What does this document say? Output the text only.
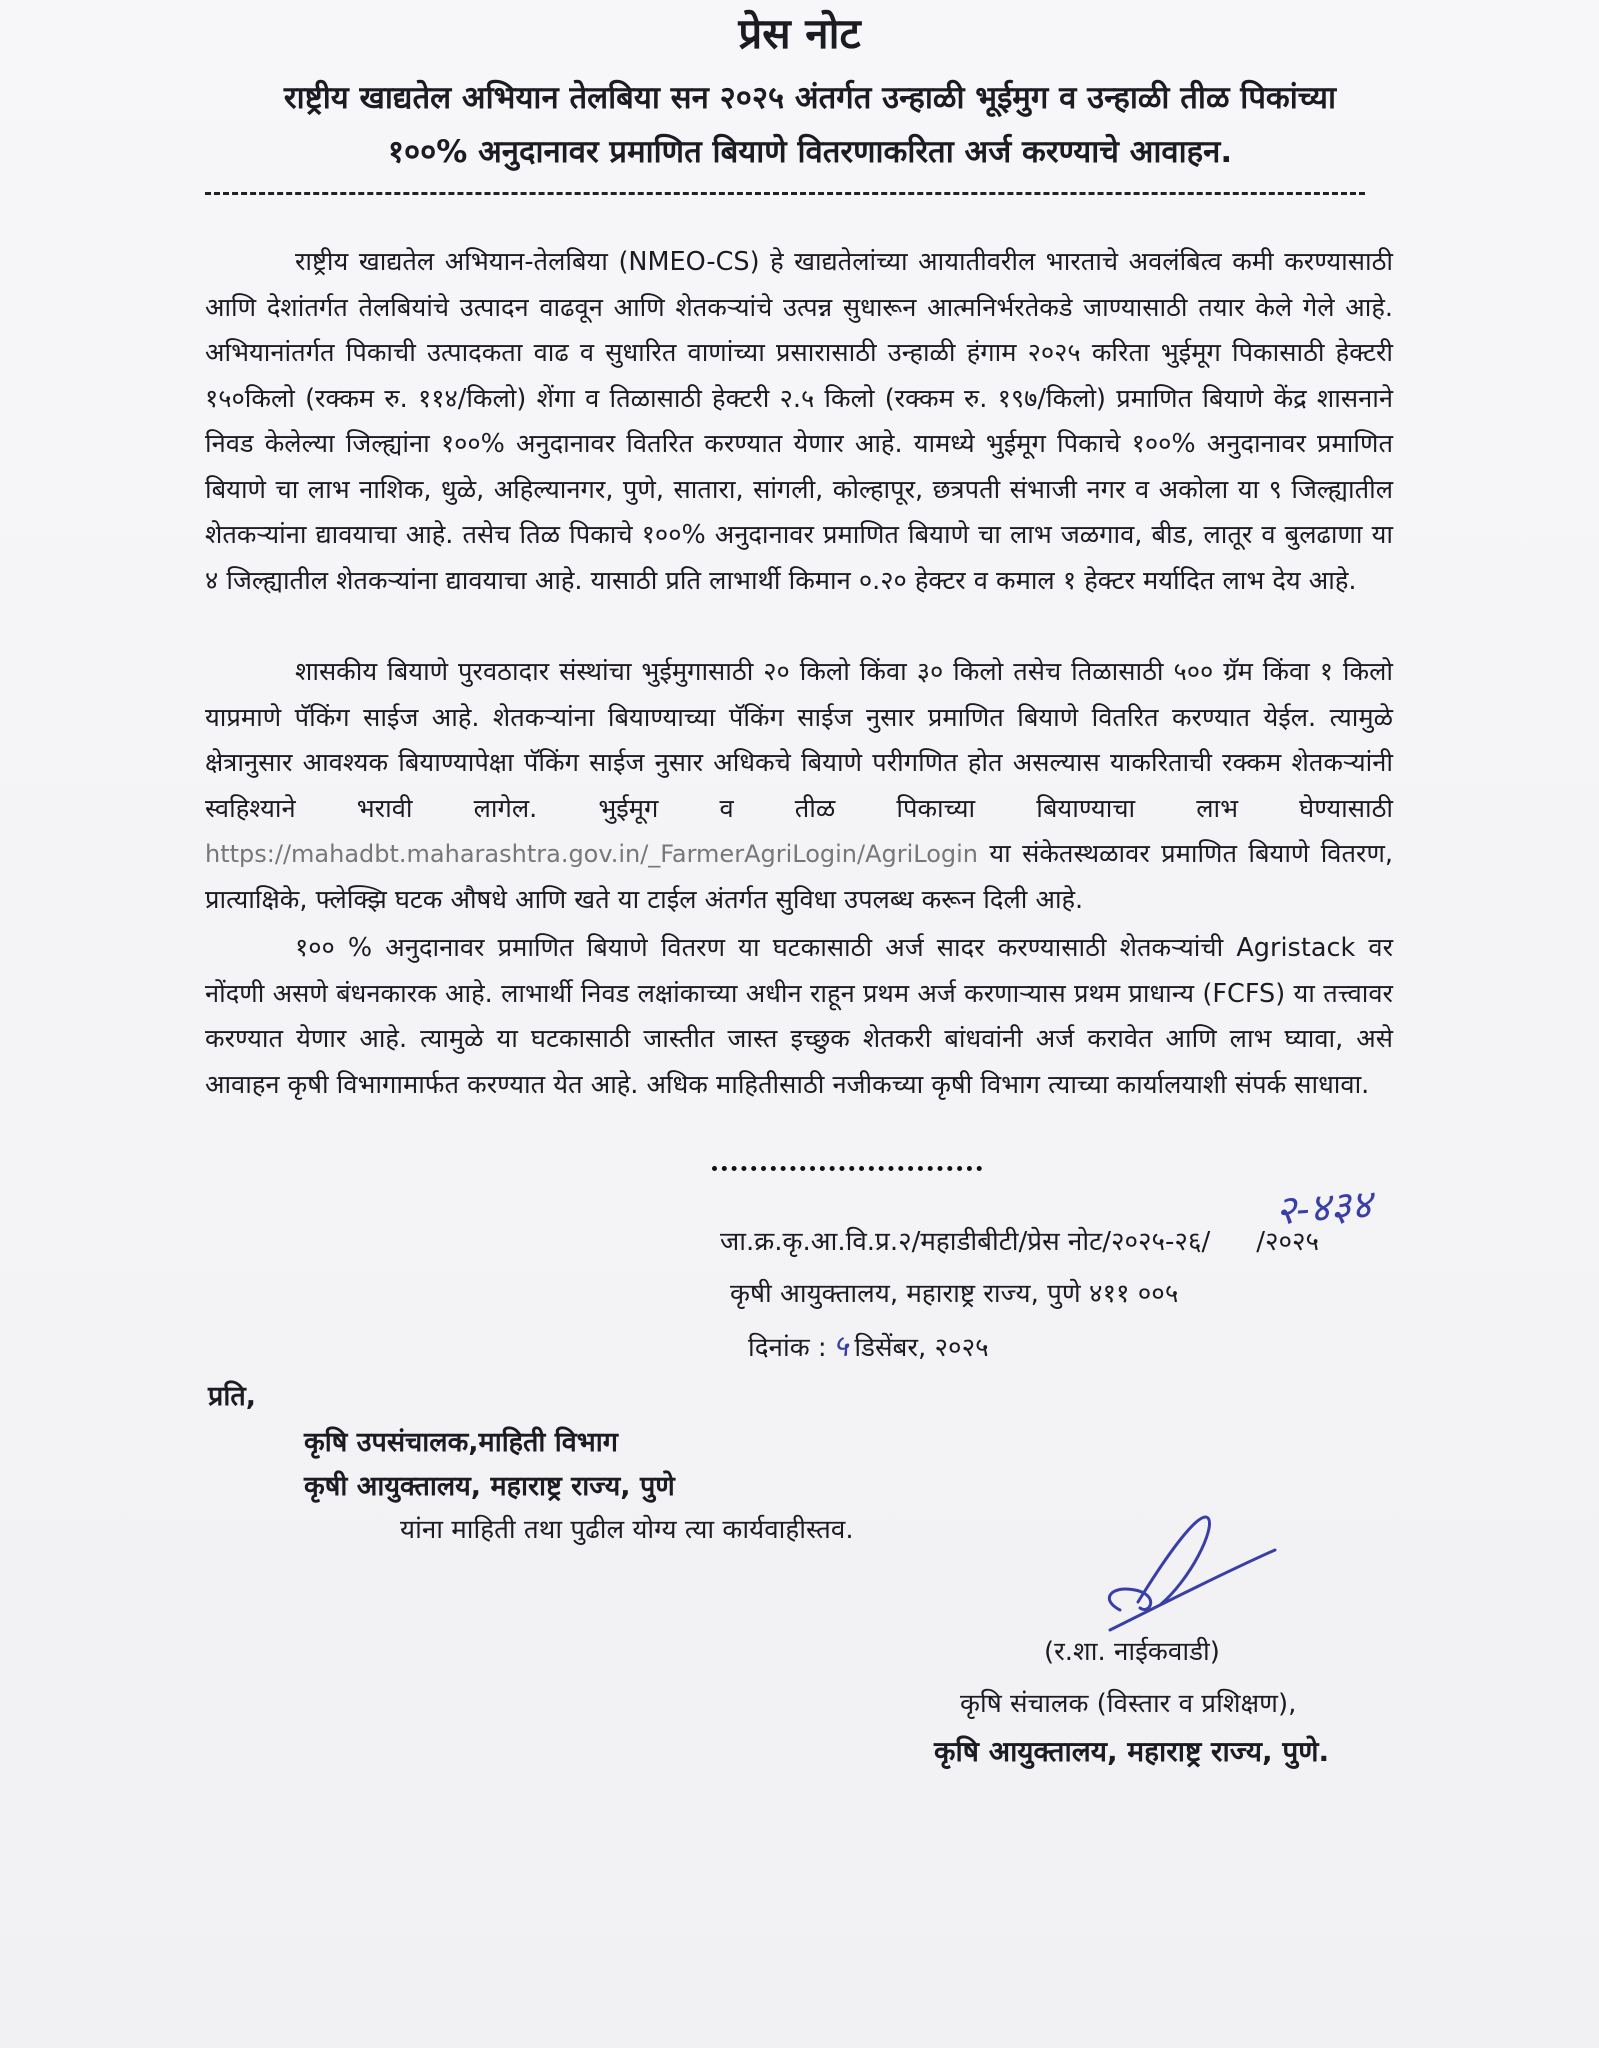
प्रेस नोट
राष्ट्रीय खाद्यतेल अभियान तेलबिया सन २०२५ अंतर्गत उन्हाळी भूईमुग व उन्हाळी तीळ पिकांच्या
१००% अनुदानावर प्रमाणित बियाणे वितरणाकरिता अर्ज करण्याचे आवाहन.

राष्ट्रीय खाद्यतेल अभियान-तेलबिया (NMEO-CS) हे खाद्यतेलांच्या आयातीवरील भारताचे अवलंबित्व कमी करण्यासाठी आणि देशांतर्गत तेलबियांचे उत्पादन वाढवून आणि शेतकऱ्यांचे उत्पन्न सुधारून आत्मनिर्भरतेकडे जाण्यासाठी तयार केले गेले आहे. अभियानांतर्गत पिकाची उत्पादकता वाढ व सुधारित वाणांच्या प्रसारासाठी उन्हाळी हंगाम २०२५ करिता भुईमूग पिकासाठी हेक्टरी १५०किलो (रक्कम रु. ११४/किलो) शेंगा व तिळासाठी हेक्टरी २.५ किलो (रक्कम रु. १९७/किलो) प्रमाणित बियाणे केंद्र शासनाने निवड केलेल्या जिल्ह्यांना १००% अनुदानावर वितरित करण्यात येणार आहे. यामध्ये भुईमूग पिकाचे १००% अनुदानावर प्रमाणित बियाणे चा लाभ नाशिक, धुळे, अहिल्यानगर, पुणे, सातारा, सांगली, कोल्हापूर, छत्रपती संभाजी नगर व अकोला या ९ जिल्ह्यातील शेतकऱ्यांना द्यावयाचा आहे. तसेच तिळ पिकाचे १००% अनुदानावर प्रमाणित बियाणे चा लाभ जळगाव, बीड, लातूर व बुलढाणा या ४ जिल्ह्यातील शेतकऱ्यांना द्यावयाचा आहे. यासाठी प्रति लाभार्थी किमान ०.२० हेक्टर व कमाल १ हेक्टर मर्यादित लाभ देय आहे.

शासकीय बियाणे पुरवठादार संस्थांचा भुईमुगासाठी २० किलो किंवा ३० किलो तसेच तिळासाठी ५०० ग्रॅम किंवा १ किलो याप्रमाणे पॅकिंग साईज आहे. शेतकऱ्यांना बियाण्याच्या पॅकिंग साईज नुसार प्रमाणित बियाणे वितरित करण्यात येईल. त्यामुळे क्षेत्रानुसार आवश्यक बियाण्यापेक्षा पॅकिंग साईज नुसार अधिकचे बियाणे परीगणित होत असल्यास याकरिताची रक्कम शेतकऱ्यांनी स्वहिश्याने भरावी लागेल. भुईमूग व तीळ पिकाच्या बियाण्याचा लाभ घेण्यासाठी https://mahadbt.maharashtra.gov.in/_FarmerAgriLogin/AgriLogin या संकेतस्थळावर प्रमाणित बियाणे वितरण, प्रात्याक्षिके, फ्लेक्झि घटक औषधे आणि खते या टाईल अंतर्गत सुविधा उपलब्ध करून दिली आहे.

१०० % अनुदानावर प्रमाणित बियाणे वितरण या घटकासाठी अर्ज सादर करण्यासाठी शेतकऱ्यांची Agristack वर नोंदणी असणे बंधनकारक आहे. लाभार्थी निवड लक्षांकाच्या अधीन राहून प्रथम अर्ज करणाऱ्यास प्रथम प्राधान्य (FCFS) या तत्त्वावर करण्यात येणार आहे. त्यामुळे या घटकासाठी जास्तीत जास्त इच्छुक शेतकरी बांधवांनी अर्ज करावेत आणि लाभ घ्यावा, असे आवाहन कृषी विभागामार्फत करण्यात येत आहे. अधिक माहितीसाठी नजीकच्या कृषी विभाग त्याच्या कार्यालयाशी संपर्क साधावा.

२-४३४
जा.क्र.कृ.आ.वि.प्र.२/महाडीबीटी/प्रेस नोट/२०२५-२६/ /२०२५
कृषी आयुक्तालय, महाराष्ट्र राज्य, पुणे ४११ ००५
दिनांक : ५ डिसेंबर, २०२५
प्रति,
कृषि उपसंचालक,माहिती विभाग
कृषी आयुक्तालय, महाराष्ट्र राज्य, पुणे
यांना माहिती तथा पुढील योग्य त्या कार्यवाहीस्तव.
(र.शा. नाईकवाडी)
कृषि संचालक (विस्तार व प्रशिक्षण),
कृषि आयुक्तालय, महाराष्ट्र राज्य, पुणे.
